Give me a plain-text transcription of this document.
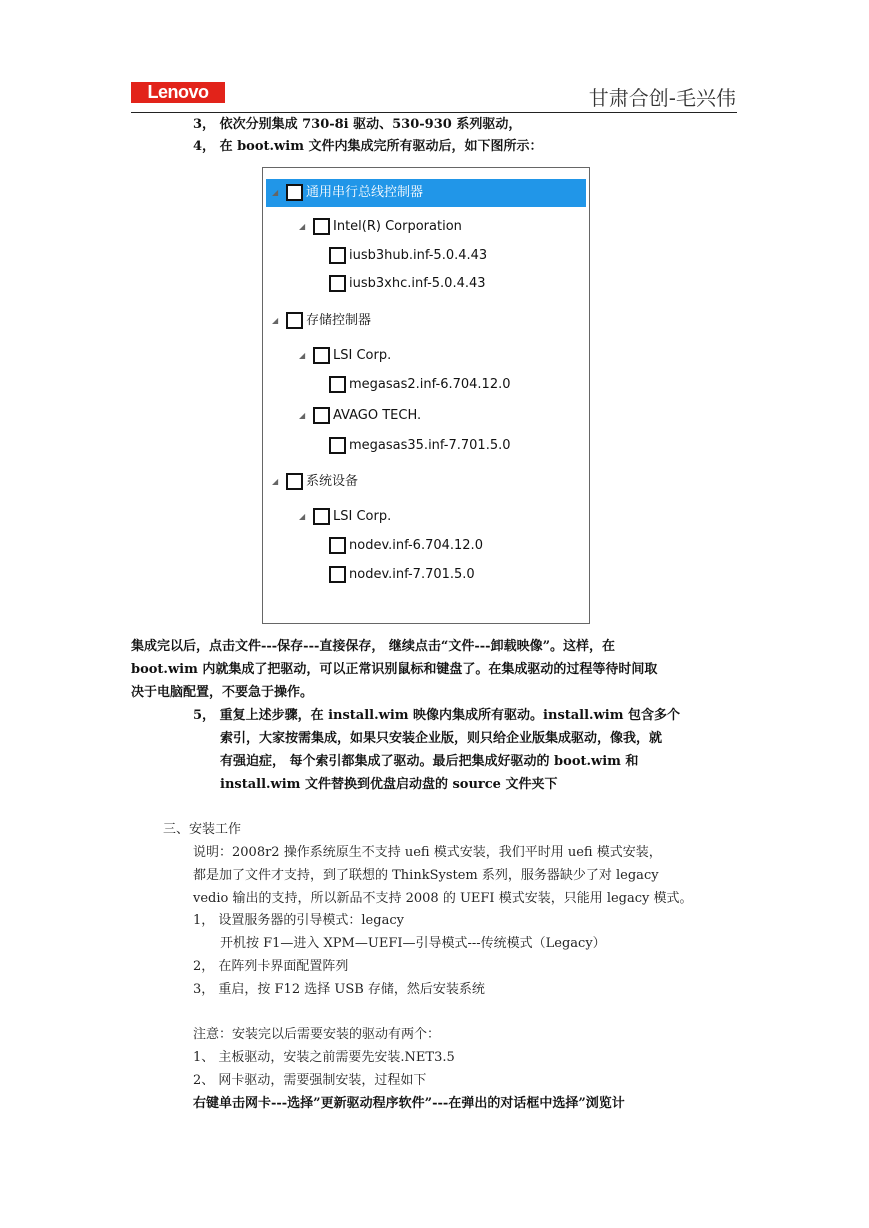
Lenovo	甘肃合创-毛兴伟
3， 依次分别集成 730-8i 驱动、530-930 系列驱动，
4， 在 boot.wim 文件内集成完所有驱动后，如下图所示：
◢	通用串行总线控制器
◢	Intel(R) Corporation
iusb3hub.inf-5.0.4.43
iusb3xhc.inf-5.0.4.43
◢	存储控制器
◢	LSI Corp.
megasas2.inf-6.704.12.0
◢	AVAGO TECH.
megasas35.inf-7.701.5.0
◢	系统设备
◢	LSI Corp.
nodev.inf-6.704.12.0
nodev.inf-7.701.5.0
集成完以后，点击文件---保存---直接保存， 继续点击“文件---卸载映像”。这样，在
boot.wim 内就集成了把驱动，可以正常识别鼠标和键盘了。在集成驱动的过程等待时间取
决于电脑配置，不要急于操作。
5， 重复上述步骤，在 install.wim 映像内集成所有驱动。install.wim 包含多个
索引，大家按需集成，如果只安装企业版，则只给企业版集成驱动，像我，就
有强迫症， 每个索引都集成了驱动。最后把集成好驱动的 boot.wim 和
install.wim 文件替换到优盘启动盘的 source 文件夹下
三、安装工作
说明：2008r2 操作系统原生不支持 uefi 模式安装，我们平时用 uefi 模式安装，
都是加了文件才支持，到了联想的 ThinkSystem 系列，服务器缺少了对 legacy
vedio 输出的支持，所以新品不支持 2008 的 UEFI 模式安装，只能用 legacy 模式。
1， 设置服务器的引导模式：legacy
开机按 F1—进入 XPM—UEFI—引导模式---传统模式（Legacy）
2， 在阵列卡界面配置阵列
3， 重启，按 F12 选择 USB 存储，然后安装系统
注意：安装完以后需要安装的驱动有两个：
1、 主板驱动，安装之前需要先安装.NET3.5
2、 网卡驱动，需要强制安装，过程如下
右键单击网卡---选择”更新驱动程序软件”---在弹出的对话框中选择”浏览计
